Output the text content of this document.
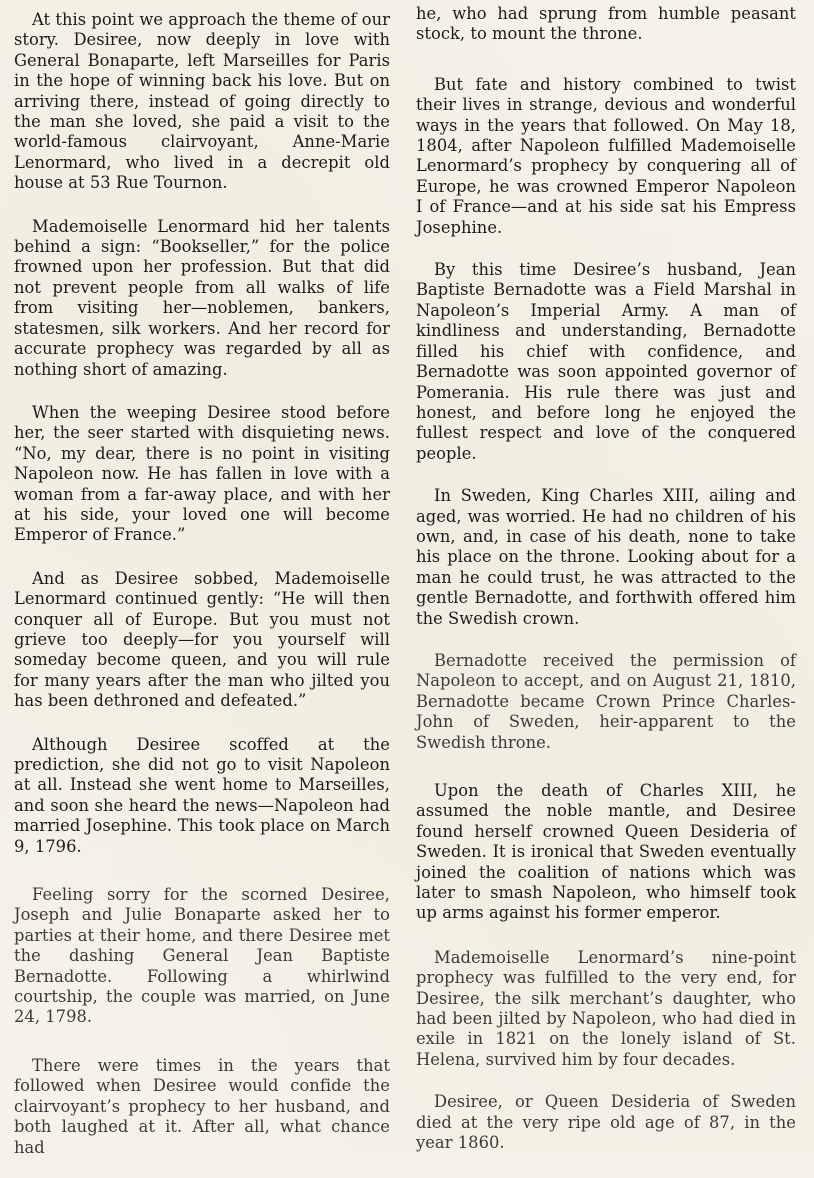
At this point we approach the theme of our story. Desiree, now deeply in love with General Bonaparte, left Marseilles for Paris in the hope of winning back his love. But on arriving there, instead of going directly to the man she loved, she paid a visit to the world-famous clairvoyant, Anne-Marie Lenormard, who lived in a decrepit old house at 53 Rue Tournon.

Mademoiselle Lenormard hid her talents behind a sign: “Bookseller,” for the police frowned upon her profession. But that did not prevent people from all walks of life from visiting her—noblemen, bankers, statesmen, silk workers. And her record for accurate prophecy was regarded by all as nothing short of amazing.

When the weeping Desiree stood before her, the seer started with disquieting news. “No, my dear, there is no point in visiting Napoleon now. He has fallen in love with a woman from a far-away place, and with her at his side, your loved one will become Emperor of France.”

And as Desiree sobbed, Mademoiselle Lenormard continued gently: “He will then conquer all of Europe. But you must not grieve too deeply—for you yourself will someday become queen, and you will rule for many years after the man who jilted you has been dethroned and defeated.”

Although Desiree scoffed at the prediction, she did not go to visit Napoleon at all. Instead she went home to Marseilles, and soon she heard the news—Napoleon had married Josephine. This took place on March 9, 1796.

Feeling sorry for the scorned Desiree, Joseph and Julie Bonaparte asked her to parties at their home, and there Desiree met the dashing General Jean Baptiste Bernadotte. Following a whirlwind courtship, the couple was married, on June 24, 1798.

There were times in the years that followed when Desiree would confide the clairvoyant’s prophecy to her husband, and both laughed at it. After all, what chance had

he, who had sprung from humble peasant stock, to mount the throne.

But fate and history combined to twist their lives in strange, devious and wonderful ways in the years that followed. On May 18, 1804, after Napoleon fulfilled Mademoiselle Lenormard’s prophecy by conquering all of Europe, he was crowned Emperor Napoleon I of France—and at his side sat his Empress Josephine.

By this time Desiree’s husband, Jean Baptiste Bernadotte was a Field Marshal in Napoleon’s Imperial Army. A man of kindliness and understanding, Bernadotte filled his chief with confidence, and Bernadotte was soon appointed governor of Pomerania. His rule there was just and honest, and before long he enjoyed the fullest respect and love of the conquered people.

In Sweden, King Charles XIII, ailing and aged, was worried. He had no children of his own, and, in case of his death, none to take his place on the throne. Looking about for a man he could trust, he was attracted to the gentle Bernadotte, and forthwith offered him the Swedish crown.

Bernadotte received the permission of Napoleon to accept, and on August 21, 1810, Bernadotte became Crown Prince Charles-John of Sweden, heir-apparent to the Swedish throne.

Upon the death of Charles XIII, he assumed the noble mantle, and Desiree found herself crowned Queen Desideria of Sweden. It is ironical that Sweden eventually joined the coalition of nations which was later to smash Napoleon, who himself took up arms against his former emperor.

Mademoiselle Lenormard’s nine-point prophecy was fulfilled to the very end, for Desiree, the silk merchant’s daughter, who had been jilted by Napoleon, who had died in exile in 1821 on the lonely island of St. Helena, survived him by four decades.

Desiree, or Queen Desideria of Sweden died at the very ripe old age of 87, in the year 1860.
